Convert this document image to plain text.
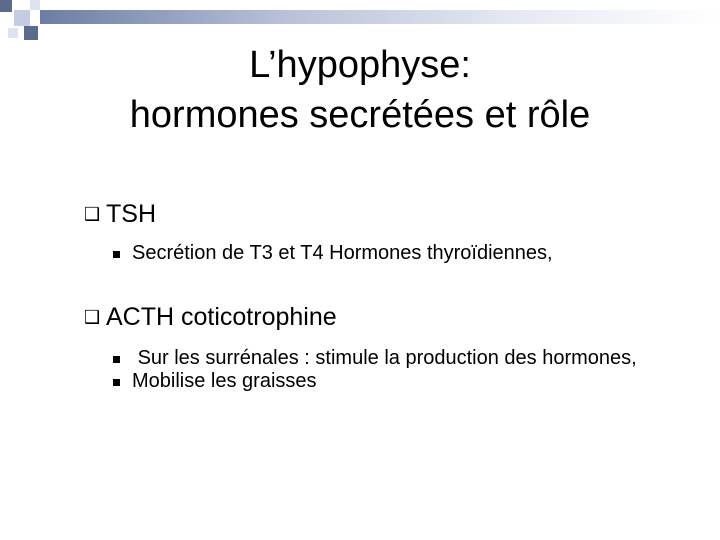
L’hypophyse:
hormones secrétées et rôle
❑ TSH
Secrétion de T3 et T4 Hormones thyroïdiennes,
❑ ACTH coticotrophine
Sur les surrénales : stimule la production des hormones,
Mobilise les graisses
